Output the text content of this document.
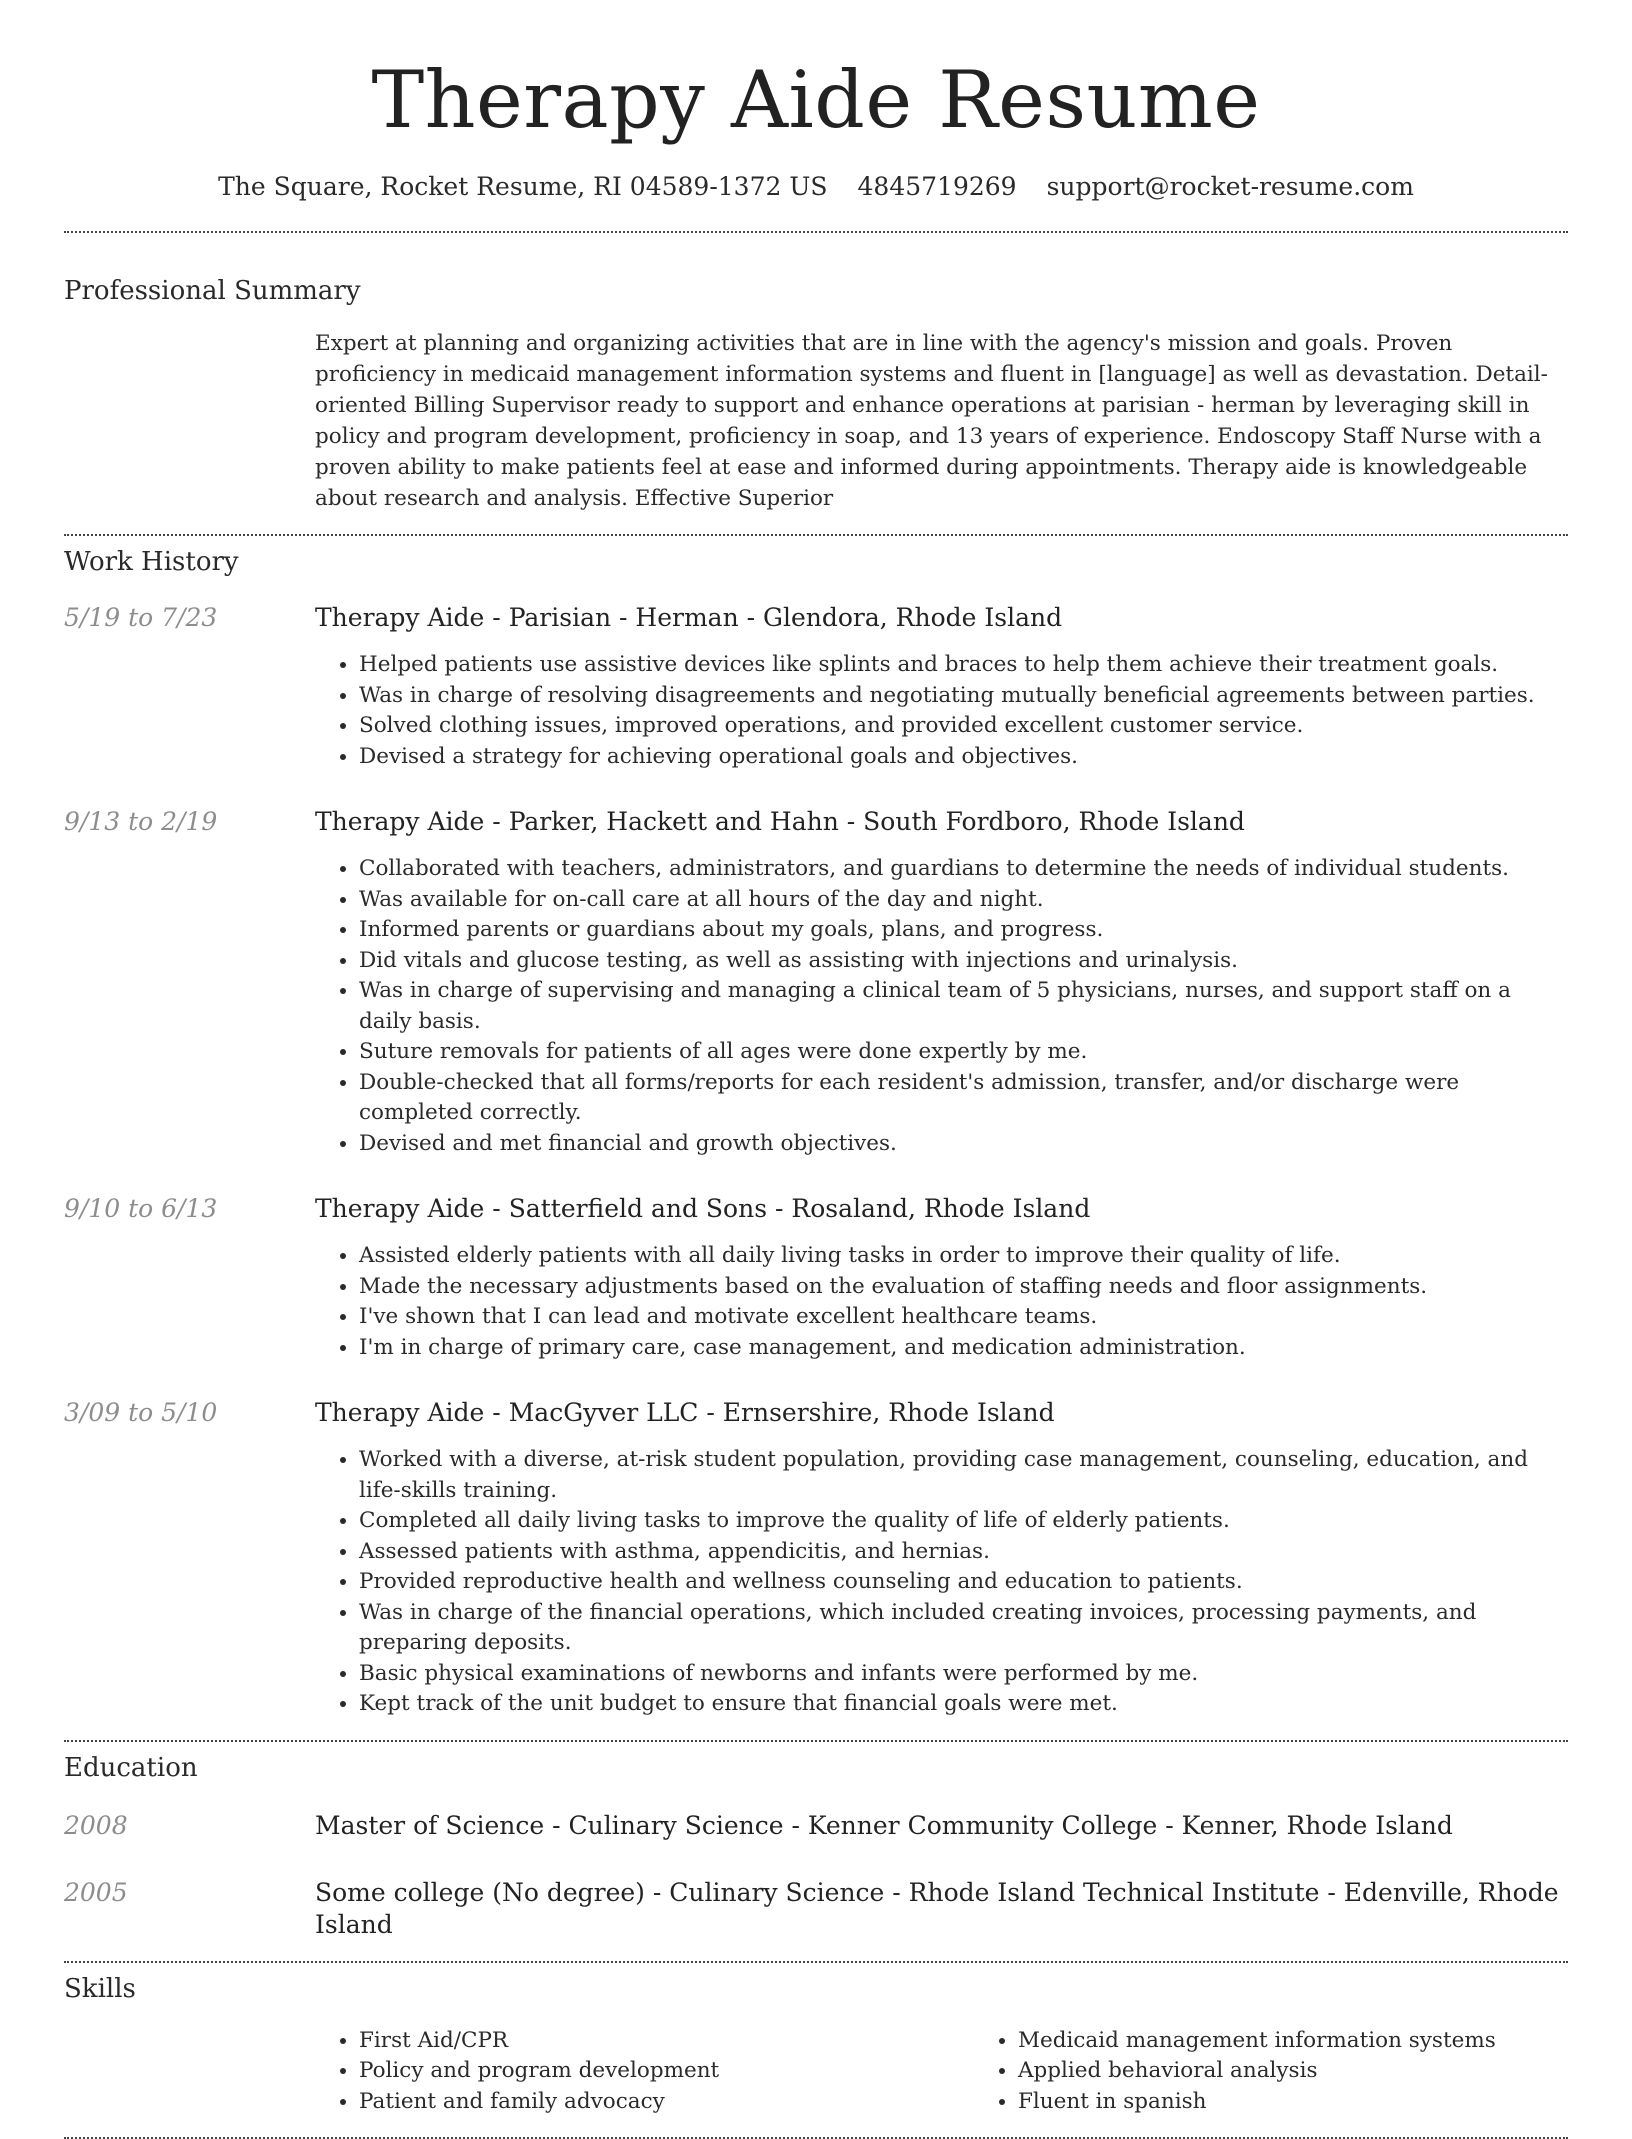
Therapy Aide Resume
The Square, Rocket Resume, RI 04589-1372 US 4845719269 support@rocket-resume.com
Professional Summary
Expert at planning and organizing activities that are in line with the agency's mission and goals. Proven proficiency in medicaid management information systems and fluent in [language] as well as devastation. Detail-oriented Billing Supervisor ready to support and enhance operations at parisian - herman by leveraging skill in policy and program development, proficiency in soap, and 13 years of experience. Endoscopy Staff Nurse with a proven ability to make patients feel at ease and informed during appointments. Therapy aide is knowledgeable about research and analysis. Effective Superior
Work History
5/19 to 7/23	Therapy Aide - Parisian - Herman - Glendora, Rhode Island
• Helped patients use assistive devices like splints and braces to help them achieve their treatment goals.
• Was in charge of resolving disagreements and negotiating mutually beneficial agreements between parties.
• Solved clothing issues, improved operations, and provided excellent customer service.
• Devised a strategy for achieving operational goals and objectives.
9/13 to 2/19	Therapy Aide - Parker, Hackett and Hahn - South Fordboro, Rhode Island
• Collaborated with teachers, administrators, and guardians to determine the needs of individual students.
• Was available for on-call care at all hours of the day and night.
• Informed parents or guardians about my goals, plans, and progress.
• Did vitals and glucose testing, as well as assisting with injections and urinalysis.
• Was in charge of supervising and managing a clinical team of 5 physicians, nurses, and support staff on a daily basis.
• Suture removals for patients of all ages were done expertly by me.
• Double-checked that all forms/reports for each resident's admission, transfer, and/or discharge were completed correctly.
• Devised and met financial and growth objectives.
9/10 to 6/13	Therapy Aide - Satterfield and Sons - Rosaland, Rhode Island
• Assisted elderly patients with all daily living tasks in order to improve their quality of life.
• Made the necessary adjustments based on the evaluation of staffing needs and floor assignments.
• I've shown that I can lead and motivate excellent healthcare teams.
• I'm in charge of primary care, case management, and medication administration.
3/09 to 5/10	Therapy Aide - MacGyver LLC - Ernsershire, Rhode Island
• Worked with a diverse, at-risk student population, providing case management, counseling, education, and life-skills training.
• Completed all daily living tasks to improve the quality of life of elderly patients.
• Assessed patients with asthma, appendicitis, and hernias.
• Provided reproductive health and wellness counseling and education to patients.
• Was in charge of the financial operations, which included creating invoices, processing payments, and preparing deposits.
• Basic physical examinations of newborns and infants were performed by me.
• Kept track of the unit budget to ensure that financial goals were met.
Education
2008	Master of Science - Culinary Science - Kenner Community College - Kenner, Rhode Island
2005	Some college (No degree) - Culinary Science - Rhode Island Technical Institute - Edenville, Rhode Island
Skills
• First Aid/CPR
• Policy and program development
• Patient and family advocacy
• Medicaid management information systems
• Applied behavioral analysis
• Fluent in spanish
